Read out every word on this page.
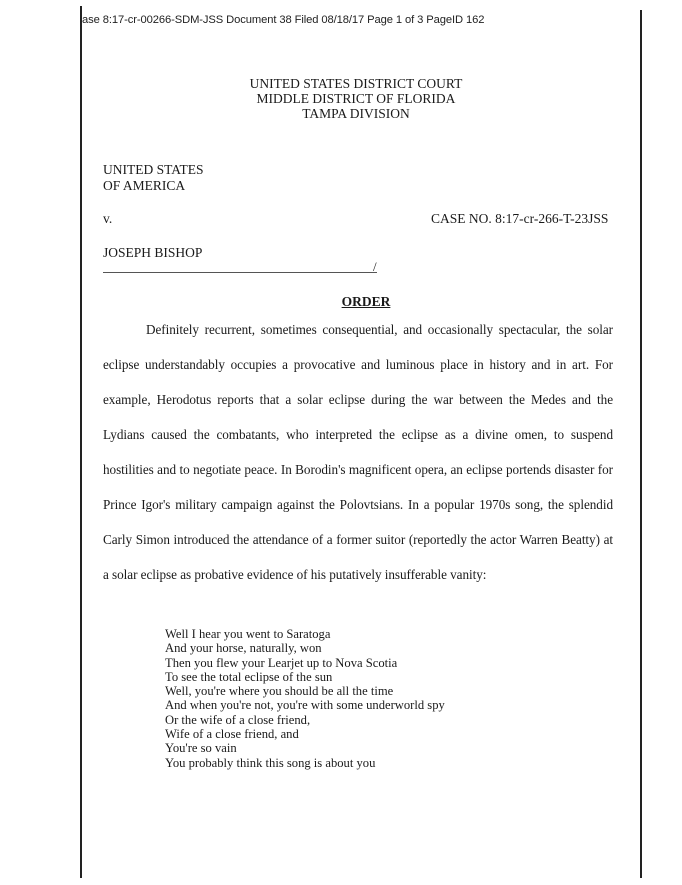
ase 8:17-cr-00266-SDM-JSS Document 38 Filed 08/18/17 Page 1 of 3 PageID 162
UNITED STATES DISTRICT COURT
MIDDLE DISTRICT OF FLORIDA
TAMPA DIVISION
UNITED STATES
OF AMERICA
v.	CASE NO. 8:17-cr-266-T-23JSS
JOSEPH BISHOP
/
ORDER
Definitely recurrent, sometimes consequential, and occasionally spectacular, the solar eclipse understandably occupies a provocative and luminous place in history and in art. For example, Herodotus reports that a solar eclipse during the war between the Medes and the Lydians caused the combatants, who interpreted the eclipse as a divine omen, to suspend hostilities and to negotiate peace. In Borodin's magnificent opera, an eclipse portends disaster for Prince Igor's military campaign against the Polovtsians. In a popular 1970s song, the splendid Carly Simon introduced the attendance of a former suitor (reportedly the actor Warren Beatty) at a solar eclipse as probative evidence of his putatively insufferable vanity:
Well I hear you went to Saratoga
And your horse, naturally, won
Then you flew your Learjet up to Nova Scotia
To see the total eclipse of the sun
Well, you're where you should be all the time
And when you're not, you're with some underworld spy
Or the wife of a close friend,
Wife of a close friend, and
You're so vain
You probably think this song is about you
